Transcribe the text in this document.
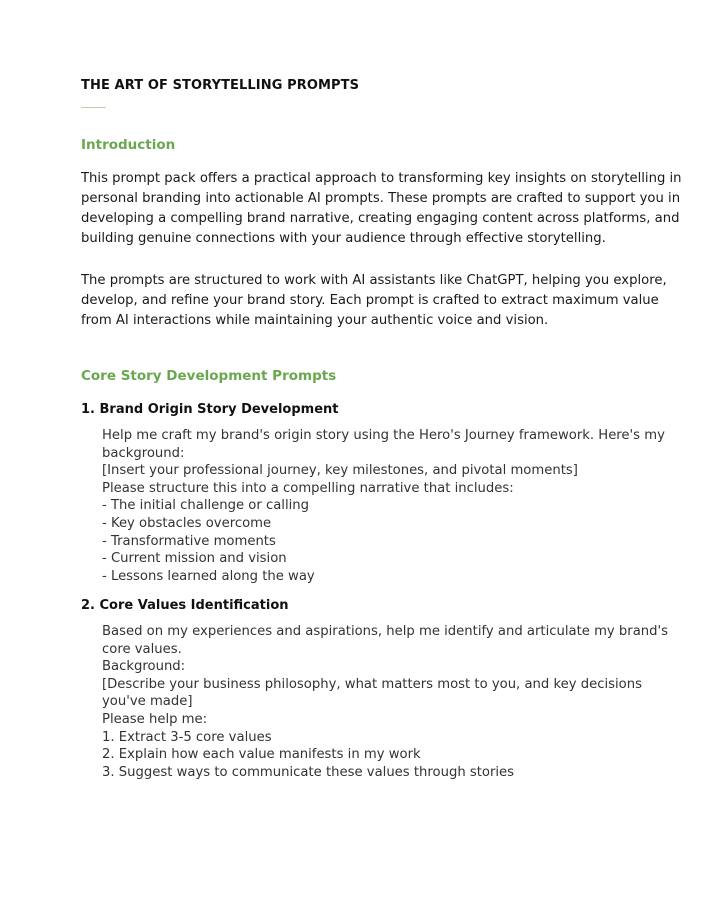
THE ART OF STORYTELLING PROMPTS
Introduction
This prompt pack offers a practical approach to transforming key insights on storytelling in
personal branding into actionable AI prompts. These prompts are crafted to support you in
developing a compelling brand narrative, creating engaging content across platforms, and
building genuine connections with your audience through effective storytelling.
The prompts are structured to work with AI assistants like ChatGPT, helping you explore,
develop, and refine your brand story. Each prompt is crafted to extract maximum value
from AI interactions while maintaining your authentic voice and vision.
Core Story Development Prompts
1. Brand Origin Story Development
Help me craft my brand's origin story using the Hero's Journey framework. Here's my
background:
[Insert your professional journey, key milestones, and pivotal moments]
Please structure this into a compelling narrative that includes:
- The initial challenge or calling
- Key obstacles overcome
- Transformative moments
- Current mission and vision
- Lessons learned along the way
2. Core Values Identification
Based on my experiences and aspirations, help me identify and articulate my brand's
core values.
Background:
[Describe your business philosophy, what matters most to you, and key decisions
you've made]
Please help me:
1. Extract 3-5 core values
2. Explain how each value manifests in my work
3. Suggest ways to communicate these values through stories
